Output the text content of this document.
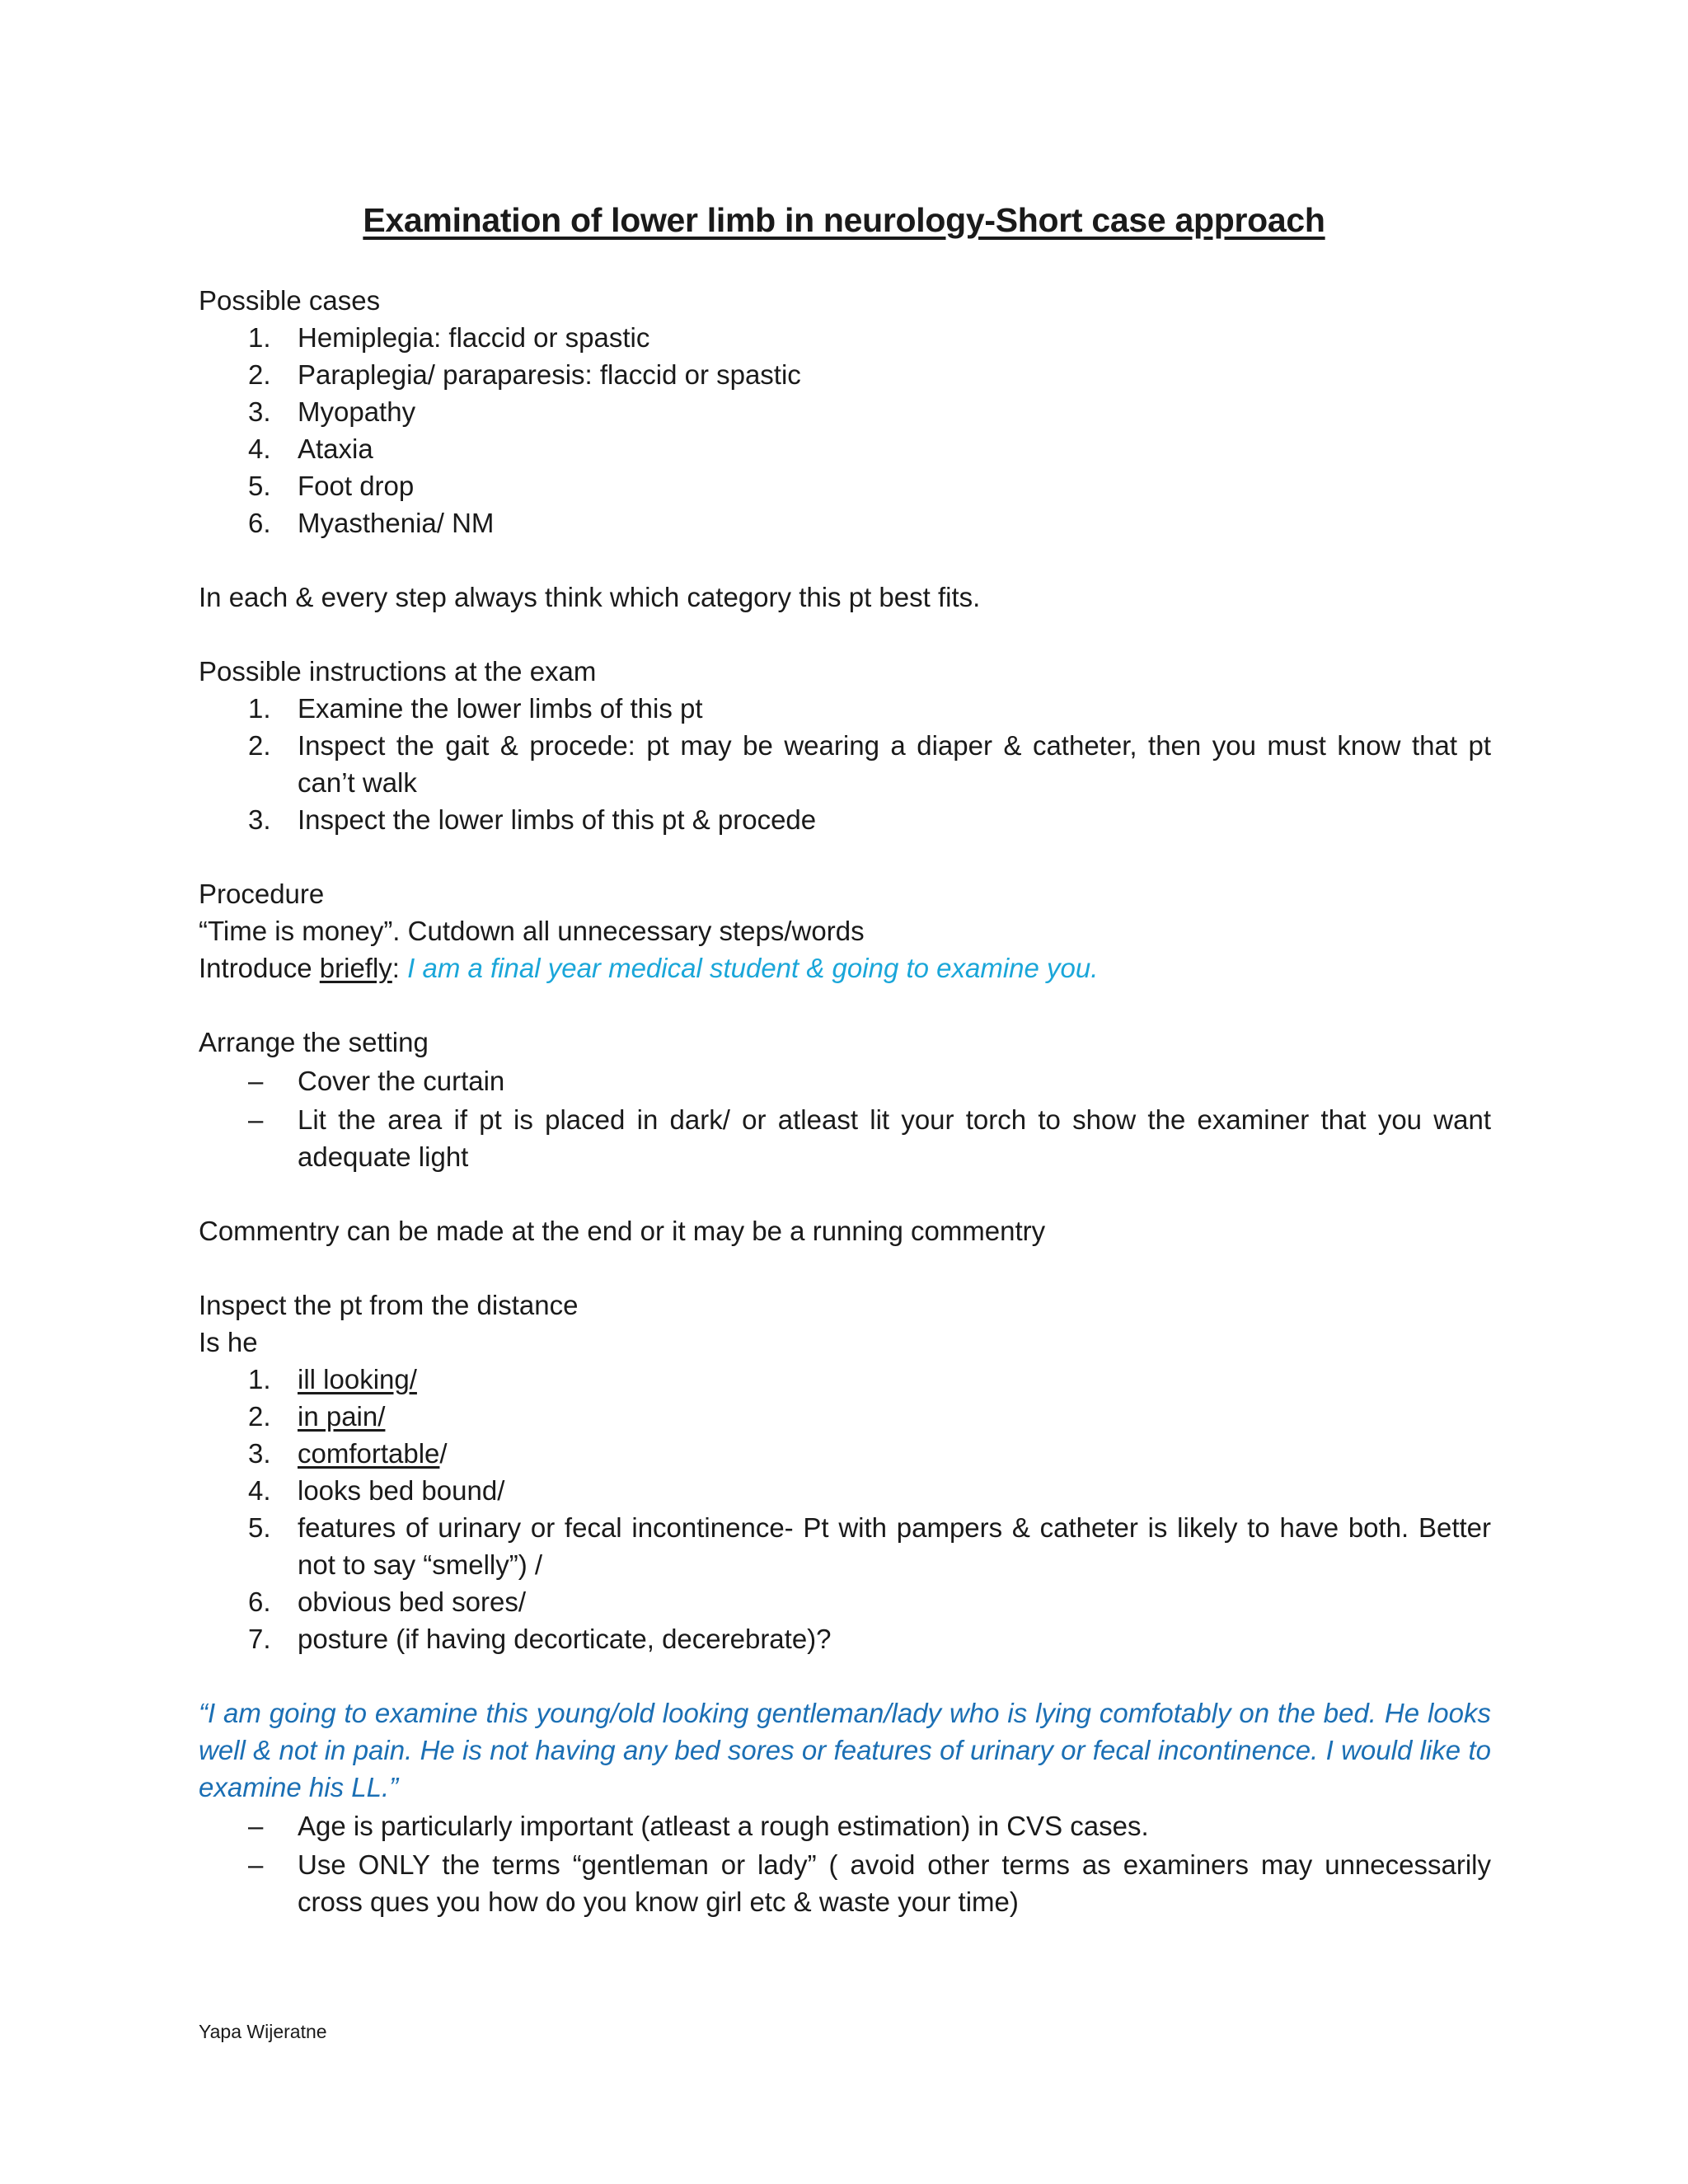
Examination of lower limb in neurology-Short case approach

Possible cases

1. Hemiplegia: flaccid or spastic
2. Paraplegia/ paraparesis: flaccid or spastic
3. Myopathy
4. Ataxia
5. Foot drop
6. Myasthenia/ NM

In each & every step always think which category this pt best fits.

Possible instructions at the exam

1. Examine the lower limbs of this pt
2. Inspect the gait & procede: pt may be wearing a diaper & catheter, then you must know that pt can’t walk
3. Inspect the lower limbs of this pt & procede

Procedure

“Time is money”. Cutdown all unnecessary steps/words

Introduce briefly: I am a final year medical student & going to examine you.

Arrange the setting

– Cover the curtain
– Lit the area if pt is placed in dark/ or atleast lit your torch to show the examiner that you want adequate light

Commentry can be made at the end or it may be a running commentry

Inspect the pt from the distance

Is he

1. ill looking/
2. in pain/
3. comfortable/
4. looks bed bound/
5. features of urinary or fecal incontinence- Pt with pampers & catheter is likely to have both. Better not to say “smelly”) /
6. obvious bed sores/
7. posture (if having decorticate, decerebrate)?

“I am going to examine this young/old looking gentleman/lady who is lying comfotably on the bed. He looks well & not in pain. He is not having any bed sores or features of urinary or fecal incontinence. I would like to examine his LL.”

– Age is particularly important (atleast a rough estimation) in CVS cases.
– Use ONLY the terms “gentleman or lady” ( avoid other terms as examiners may unnecessarily cross ques you how do you know girl etc & waste your time)
Yapa Wijeratne
